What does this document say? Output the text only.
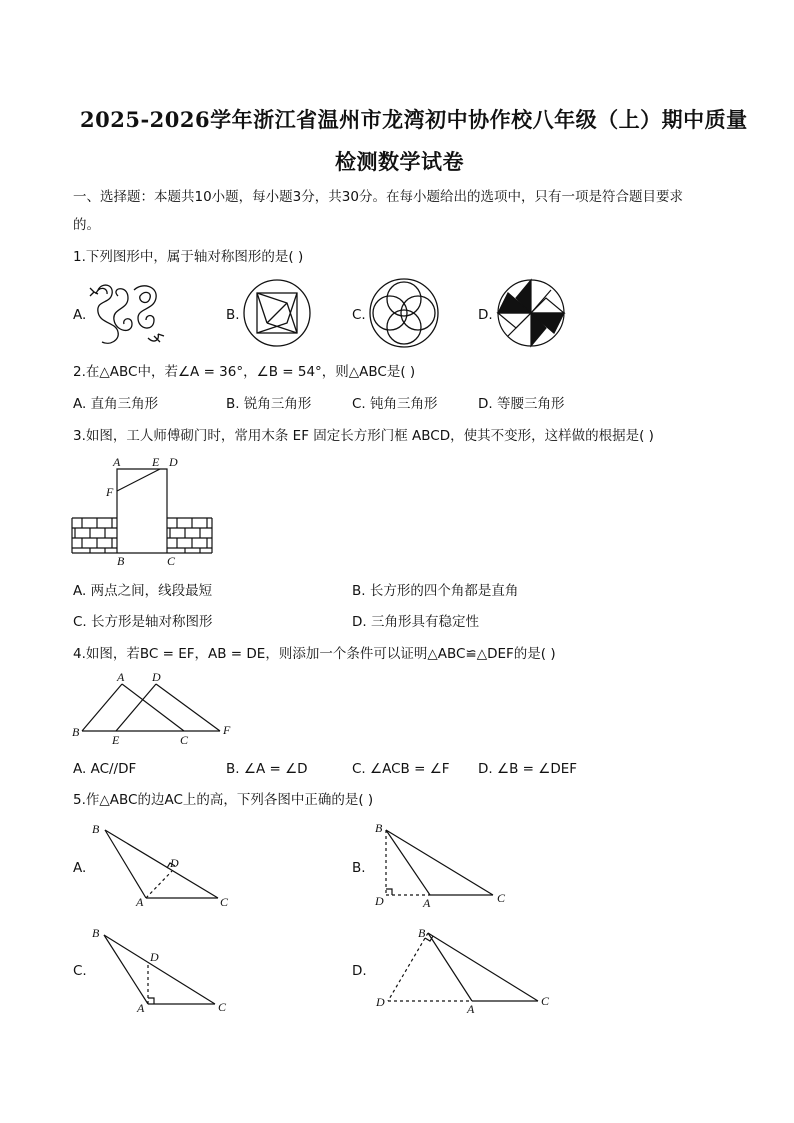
2025-2026学年浙江省温州市龙湾初中协作校八年级（上）期中质量
检测数学试卷
一、选择题：本题共10小题，每小题3分，共30分。在每小题给出的选项中，只有一项是符合题目要求
的。
1.下列图形中，属于轴对称图形的是( )
A.	B.	C.	D.
2.在△ABC中，若∠A = 36°，∠B = 54°，则△ABC是( )
A. 直角三角形	B. 锐角三角形	C. 钝角三角形	D. 等腰三角形
3.如图，工人师傅砌门时，常用木条 EF 固定长方形门框 ABCD，使其不变形，这样做的根据是( )
A	E D
F
B	C
A. 两点之间，线段最短	B. 长方形的四个角都是直角
C. 长方形是轴对称图形	D. 三角形具有稳定性
4.如图，若BC = EF，AB = DE，则添加一个条件可以证明△ABC≌△DEF的是( )
A D
B
E	C
F
A. AC//DF	B. ∠A = ∠D	C. ∠ACB = ∠F D. ∠B = ∠DEF
5.作△ABC的边AC上的高，下列各图中正确的是( )
A.	B.
C.	D.
B
D
A	C
B
D	A	C
B
D
A	C
B
D	A
C
